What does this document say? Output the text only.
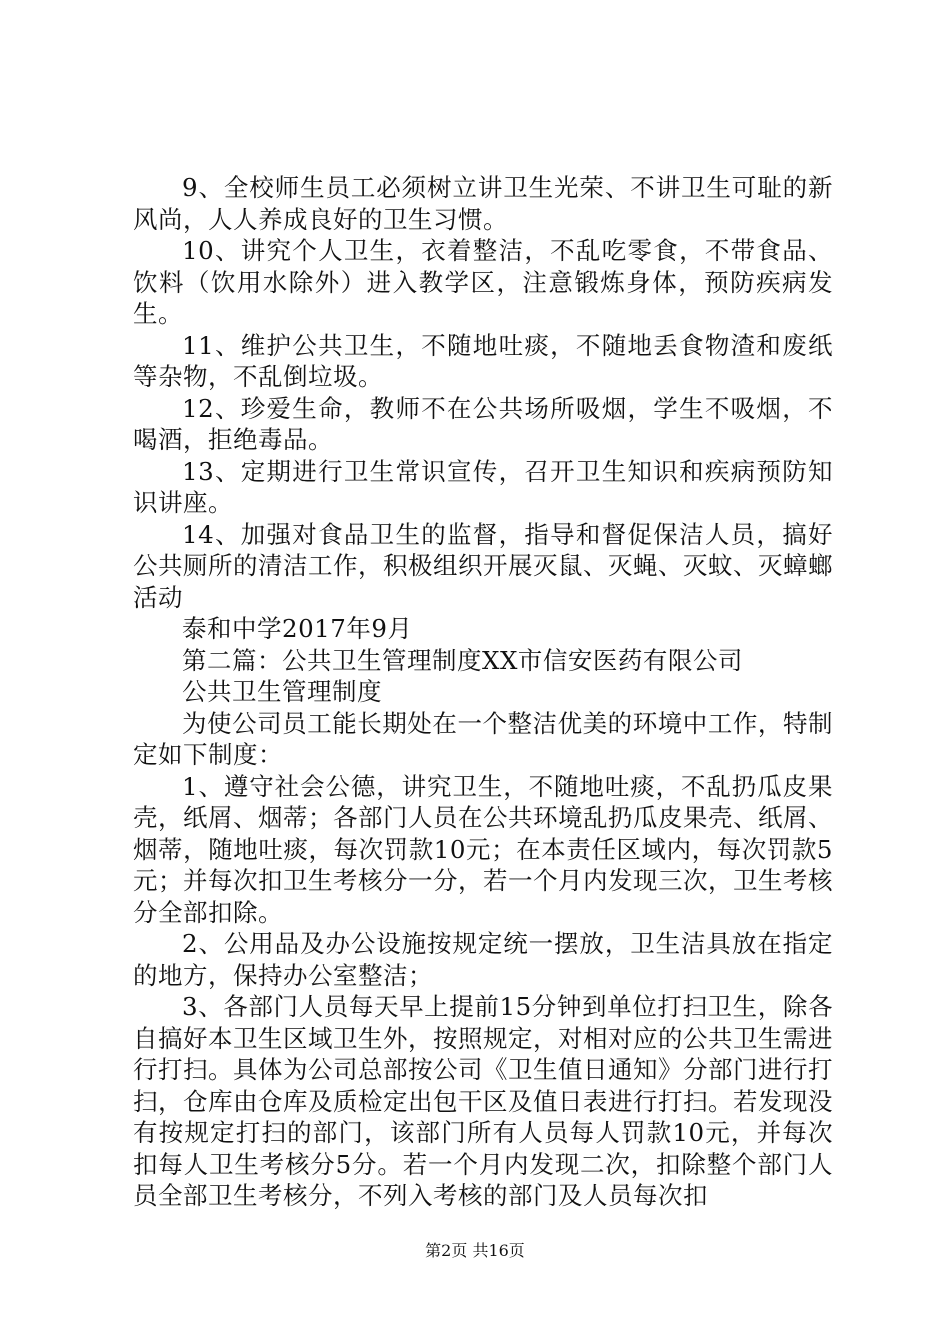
9、全校师生员工必须树立讲卫生光荣、不讲卫生可耻的新风尚，人人养成良好的卫生习惯。

10、讲究个人卫生，衣着整洁，不乱吃零食，不带食品、饮料（饮用水除外）进入教学区，注意锻炼身体，预防疾病发生。

11、维护公共卫生，不随地吐痰，不随地丢食物渣和废纸等杂物，不乱倒垃圾。

12、珍爱生命，教师不在公共场所吸烟，学生不吸烟，不喝酒，拒绝毒品。

13、定期进行卫生常识宣传，召开卫生知识和疾病预防知识讲座。

14、加强对食品卫生的监督，指导和督促保洁人员，搞好公共厕所的清洁工作，积极组织开展灭鼠、灭蝇、灭蚊、灭蟑螂活动

泰和中学2017年9月

第二篇：公共卫生管理制度XX市信安医药有限公司

公共卫生管理制度

为使公司员工能长期处在一个整洁优美的环境中工作，特制定如下制度：

1、遵守社会公德，讲究卫生，不随地吐痰，不乱扔瓜皮果壳，纸屑、烟蒂；各部门人员在公共环境乱扔瓜皮果壳、纸屑、烟蒂，随地吐痰，每次罚款10元；在本责任区域内，每次罚款5元；并每次扣卫生考核分一分，若一个月内发现三次，卫生考核分全部扣除。

2、公用品及办公设施按规定统一摆放，卫生洁具放在指定的地方，保持办公室整洁；

3、各部门人员每天早上提前15分钟到单位打扫卫生，除各自搞好本卫生区域卫生外，按照规定，对相对应的公共卫生需进行打扫。具体为公司总部按公司《卫生值日通知》分部门进行打扫，仓库由仓库及质检定出包干区及值日表进行打扫。若发现没有按规定打扫的部门，该部门所有人员每人罚款10元，并每次扣每人卫生考核分5分。若一个月内发现二次，扣除整个部门人员全部卫生考核分，不列入考核的部门及人员每次扣

第2页 共16页
